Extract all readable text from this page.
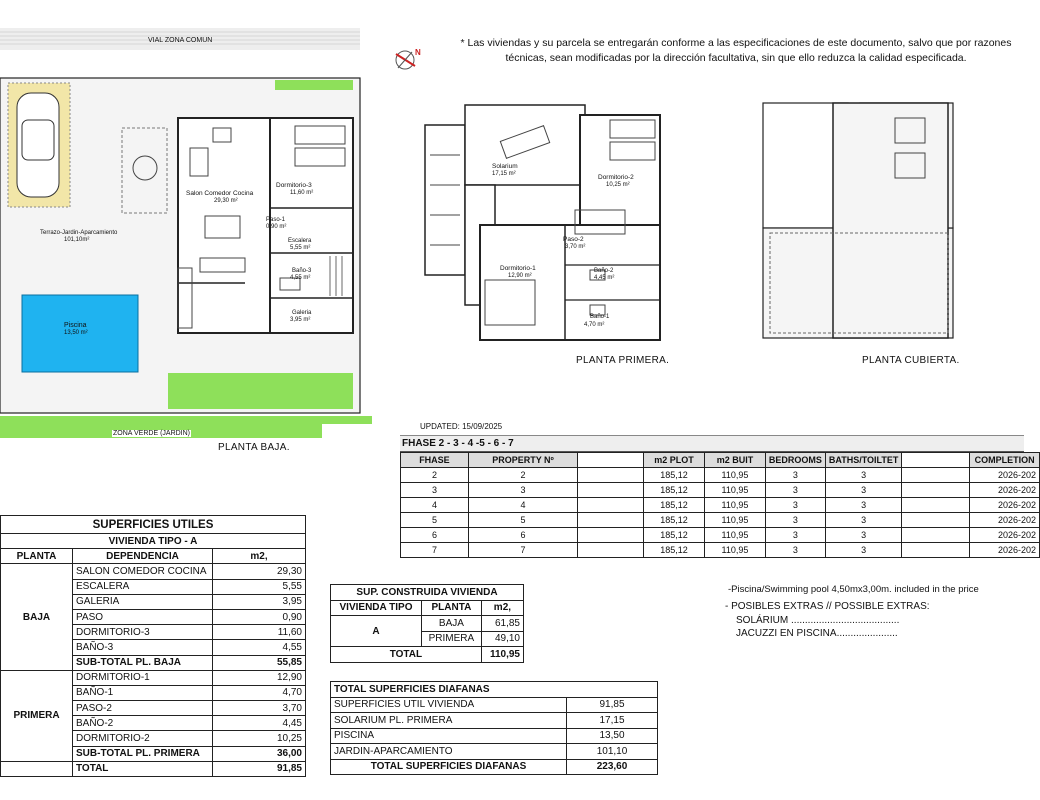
* Las viviendas y su parcela se entregarán conforme a las especificaciones de este documento, salvo que por razones técnicas, sean modificadas por la dirección facultativa, sin que ello reduzca la calidad especificada.
VIAL ZONA COMUN
N
Terrazo-Jardin-Aparcamiento
101,10m²
Piscina
13,50 m²
Salon Comedor Cocina
29,30 m²
Dormitorio-3
11,60 m²
Paso-1
0,90 m²
Escalera
5,55 m²
Baño-3
4,55 m²
Galeria
3,95 m²
ZONA VERDE (JARDIN)
PLANTA BAJA.
Solarium
17,15 m²	Dormitorio-2
10,25 m²
Paso-2
3,70 m²
Dormitorio-1
12,90 m²
Baño-2
4,45 m²
Baño-1
4,70 m²
PLANTA PRIMERA.	PLANTA CUBIERTA.
UPDATED: 15/09/2025
FHASE 2 - 3 - 4 -5 - 6 - 7
FHASE	PROPERTY Nº		m2 PLOT	m2 BUIT	BEDROOMS	BATHS/TOILTET		COMPLETION
2	2		185,12	110,95	3	3		2026-202
3	3		185,12	110,95	3	3		2026-202
4	4		185,12	110,95	3	3		2026-202
5	5		185,12	110,95	3	3		2026-202
6	6		185,12	110,95	3	3		2026-202
7	7		185,12	110,95	3	3		2026-202
-Piscina/Swimming pool 4,50mx3,00m. included in the price
- POSIBLES EXTRAS // POSSIBLE EXTRAS:
SOLÁRIUM .......................................
JACUZZI EN PISCINA......................
SUPERFICIES UTILES		
VIVIENDA TIPO - A		
PLANTA	DEPENDENCIA	m2,
BAJA	SALON COMEDOR COCINA	29,30
	ESCALERA	5,55
	GALERIA	3,95
	PASO	0,90
	DORMITORIO-3	11,60
	BAÑO-3	4,55
	SUB-TOTAL PL. BAJA	55,85
PRIMERA	DORMITORIO-1	12,90
	BAÑO-1	4,70
	PASO-2	3,70
	BAÑO-2	4,45
	DORMITORIO-2	10,25
	SUB-TOTAL PL. PRIMERA	36,00
	TOTAL	91,85
SUP. CONSTRUIDA VIVIENDA		
VIVIENDA TIPO	PLANTA	m2,
A	BAJA	61,85
	PRIMERA	49,10
TOTAL		110,95
TOTAL SUPERFICIES DIAFANAS	
SUPERFICIES UTIL VIVIENDA	91,85
SOLARIUM PL. PRIMERA	17,15
PISCINA	13,50
JARDIN-APARCAMIENTO	101,10
TOTAL SUPERFICIES DIAFANAS	223,60
